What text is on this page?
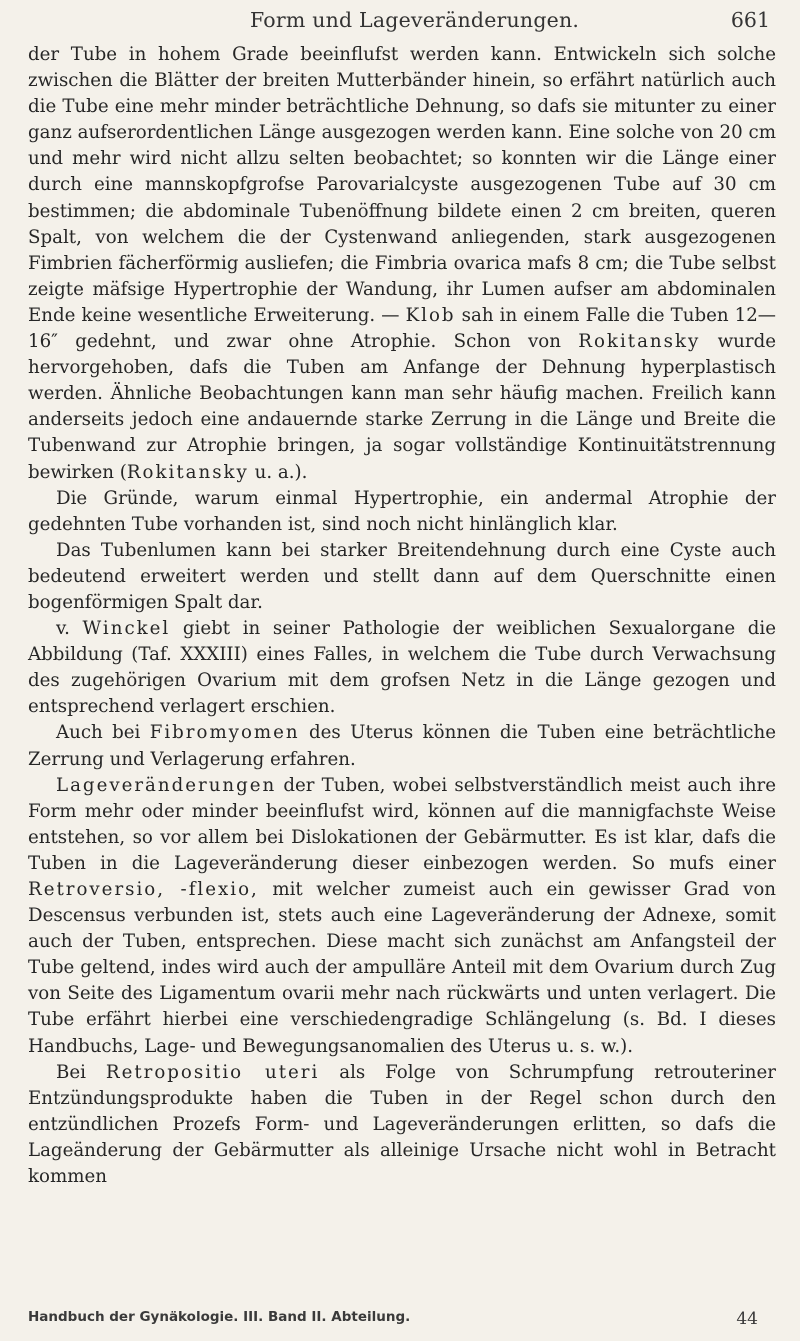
Form und Lageveränderungen.	661

der Tube in hohem Grade beeinflufst werden kann. Entwickeln sich solche zwischen die Blätter der breiten Mutterbänder hinein, so erfährt natürlich auch die Tube eine mehr minder beträchtliche Dehnung, so dafs sie mitunter zu einer ganz aufserordentlichen Länge ausgezogen werden kann. Eine solche von 20 cm und mehr wird nicht allzu selten beobachtet; so konnten wir die Länge einer durch eine mannskopfgrofse Parovarialcyste ausgezogenen Tube auf 30 cm bestimmen; die abdominale Tubenöffnung bildete einen 2 cm breiten, queren Spalt, von welchem die der Cystenwand anliegenden, stark ausgezogenen Fimbrien fächerförmig ausliefen; die Fimbria ovarica mafs 8 cm; die Tube selbst zeigte mäfsige Hypertrophie der Wandung, ihr Lumen aufser am abdominalen Ende keine wesentliche Erweiterung. — Klob sah in einem Falle die Tuben 12—16″ gedehnt, und zwar ohne Atrophie. Schon von Rokitansky wurde hervorgehoben, dafs die Tuben am Anfange der Dehnung hyperplastisch werden. Ähnliche Beobachtungen kann man sehr häufig machen. Freilich kann anderseits jedoch eine andauernde starke Zerrung in die Länge und Breite die Tubenwand zur Atrophie bringen, ja sogar vollständige Kontinuitätstrennung bewirken (Rokitansky u. a.).

Die Gründe, warum einmal Hypertrophie, ein andermal Atrophie der gedehnten Tube vorhanden ist, sind noch nicht hinlänglich klar.

Das Tubenlumen kann bei starker Breitendehnung durch eine Cyste auch bedeutend erweitert werden und stellt dann auf dem Querschnitte einen bogenförmigen Spalt dar.

v. Winckel giebt in seiner Pathologie der weiblichen Sexualorgane die Abbildung (Taf. XXXIII) eines Falles, in welchem die Tube durch Verwachsung des zugehörigen Ovarium mit dem grofsen Netz in die Länge gezogen und entsprechend verlagert erschien.

Auch bei Fibromyomen des Uterus können die Tuben eine beträchtliche Zerrung und Verlagerung erfahren.

Lageveränderungen der Tuben, wobei selbstverständlich meist auch ihre Form mehr oder minder beeinflufst wird, können auf die mannigfachste Weise entstehen, so vor allem bei Dislokationen der Gebärmutter. Es ist klar, dafs die Tuben in die Lageveränderung dieser einbezogen werden. So mufs einer Retroversio, -flexio, mit welcher zumeist auch ein gewisser Grad von Descensus verbunden ist, stets auch eine Lageveränderung der Adnexe, somit auch der Tuben, entsprechen. Diese macht sich zunächst am Anfangsteil der Tube geltend, indes wird auch der ampulläre Anteil mit dem Ovarium durch Zug von Seite des Ligamentum ovarii mehr nach rückwärts und unten verlagert. Die Tube erfährt hierbei eine verschiedengradige Schlängelung (s. Bd. I dieses Handbuchs, Lage- und Bewegungsanomalien des Uterus u. s. w.).

Bei Retropositio uteri als Folge von Schrumpfung retrouteriner Entzündungsprodukte haben die Tuben in der Regel schon durch den entzündlichen Prozefs Form- und Lageveränderungen erlitten, so dafs die Lageänderung der Gebärmutter als alleinige Ursache nicht wohl in Betracht kommen

Handbuch der Gynäkologie. III. Band II. Abteilung.	44
